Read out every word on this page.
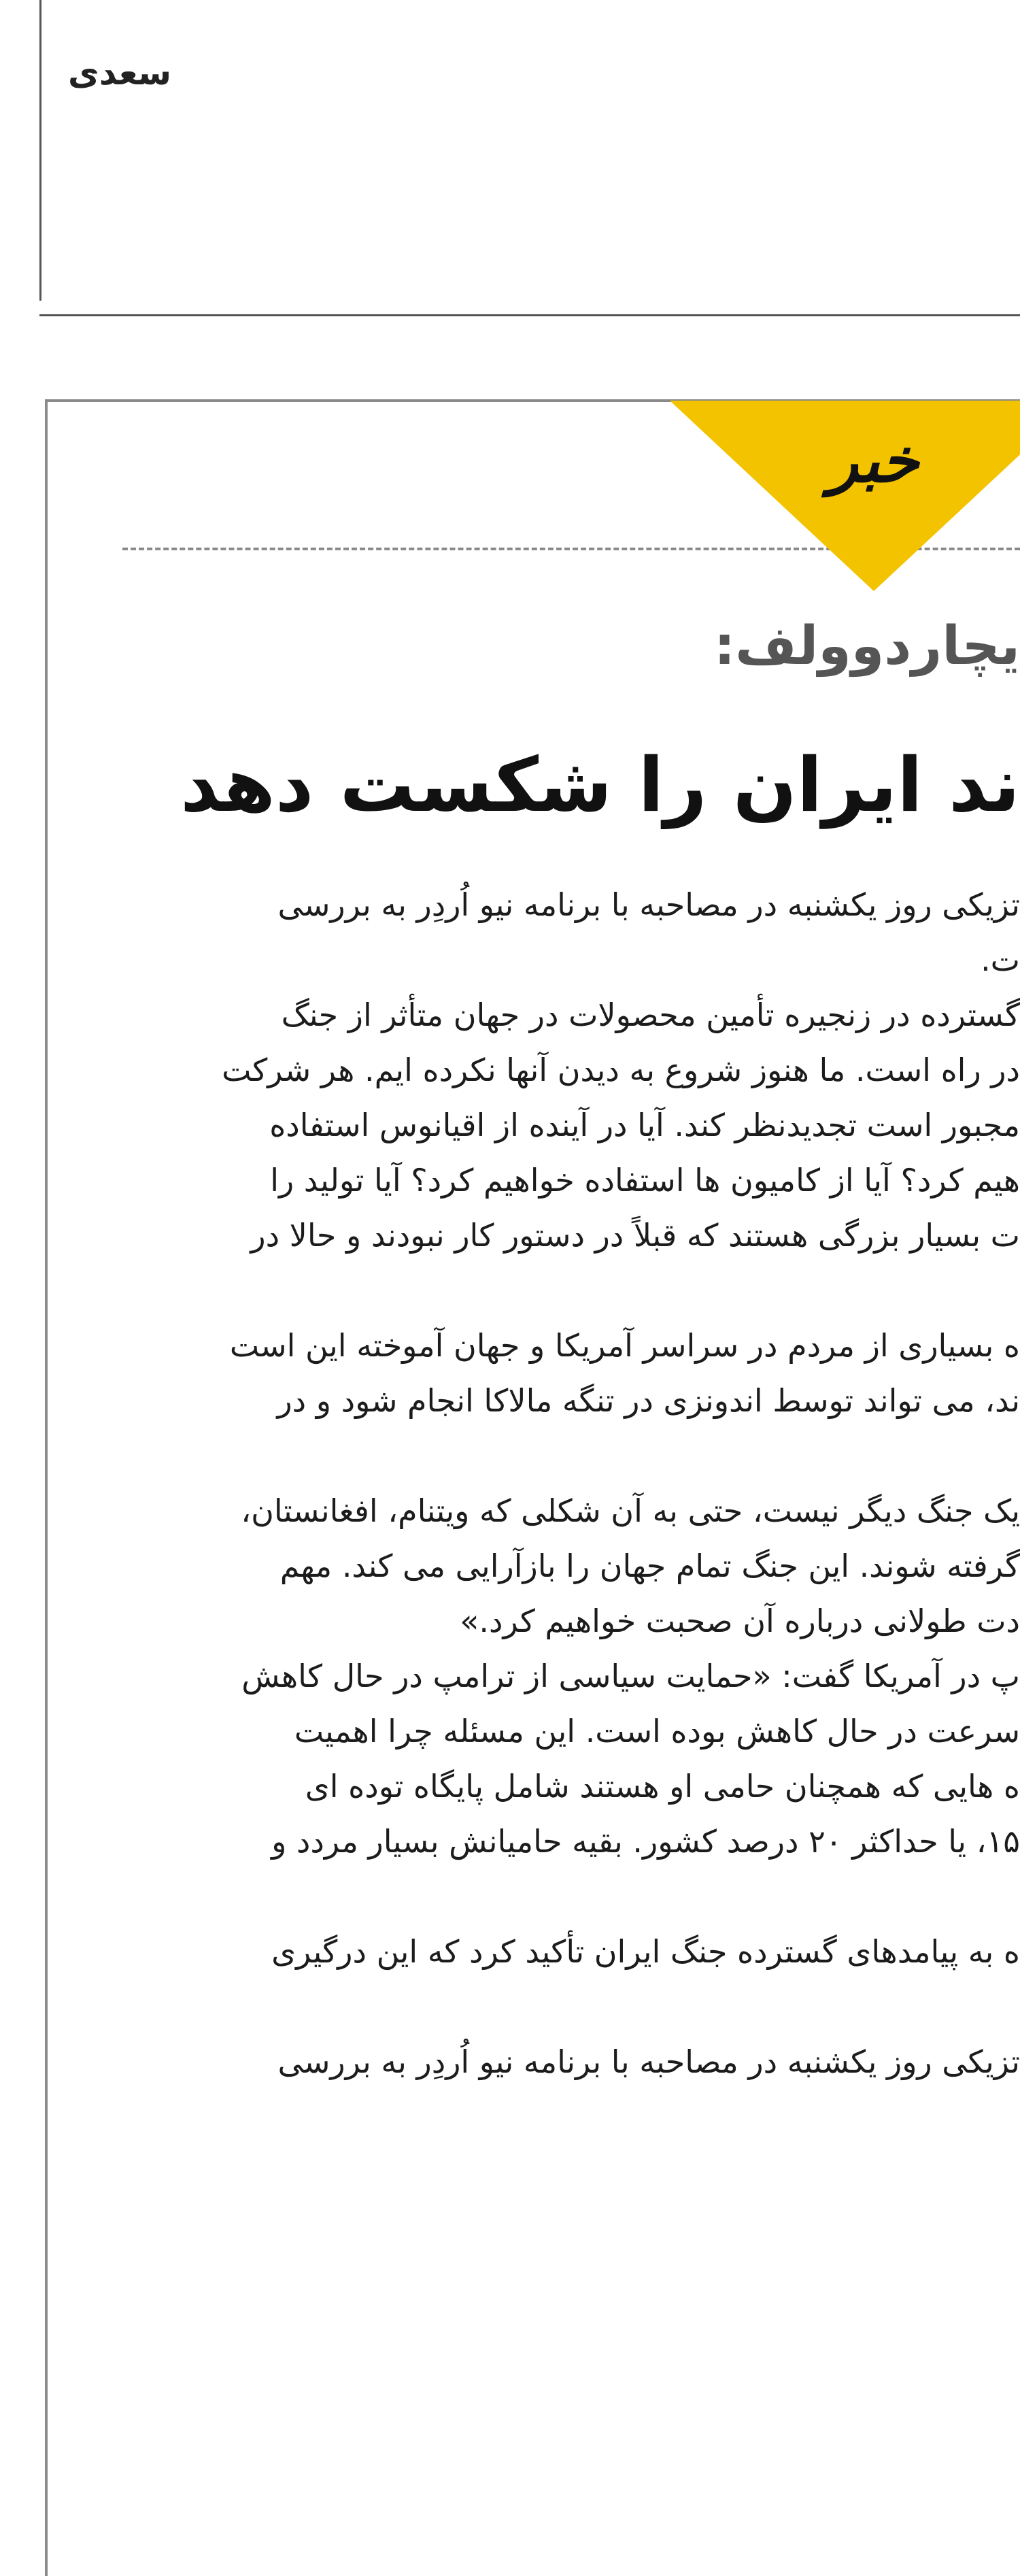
سعدی
خبر
یچاردوولف:
ند ایران را شکست دهد

تزیکی روز یکشنبه در مصاحبه با برنامه نیو اُردِر به بررسی
ت.

گسترده در زنجیره تأمین محصولات در جهان متأثر از جنگ
در راه است. ما هنوز شروع به دیدن آنها نکرده ایم. هر شرکت
مجبور است تجدیدنظر کند. آیا در آینده از اقیانوس استفاده
هیم کرد؟ آیا از کامیون ها استفاده خواهیم کرد؟ آیا تولید را
ت بسیار بزرگی هستند که قبلاً در دستور کار نبودند و حالا در

ه بسیاری از مردم در سراسر آمریکا و جهان آموخته این است
ند، می تواند توسط اندونزی در تنگه مالاکا انجام شود و در

یک جنگ دیگر نیست، حتی به آن شکلی که ویتنام، افغانستان،
گرفته شوند. این جنگ تمام جهان را بازآرایی می کند. مهم
دت طولانی درباره آن صحبت خواهیم کرد.»
پ در آمریکا گفت: «حمایت سیاسی از ترامپ در حال کاهش
سرعت در حال کاهش بوده است. این مسئله چرا اهمیت
ه هایی که همچنان حامی او هستند شامل پایگاه توده ای
۱۵، یا حداکثر ۲۰ درصد کشور. بقیه حامیانش بسیار مردد و

ه به پیامدهای گسترده جنگ ایران تأکید کرد که این درگیری

تزیکی روز یکشنبه در مصاحبه با برنامه نیو اُردِر به بررسی
